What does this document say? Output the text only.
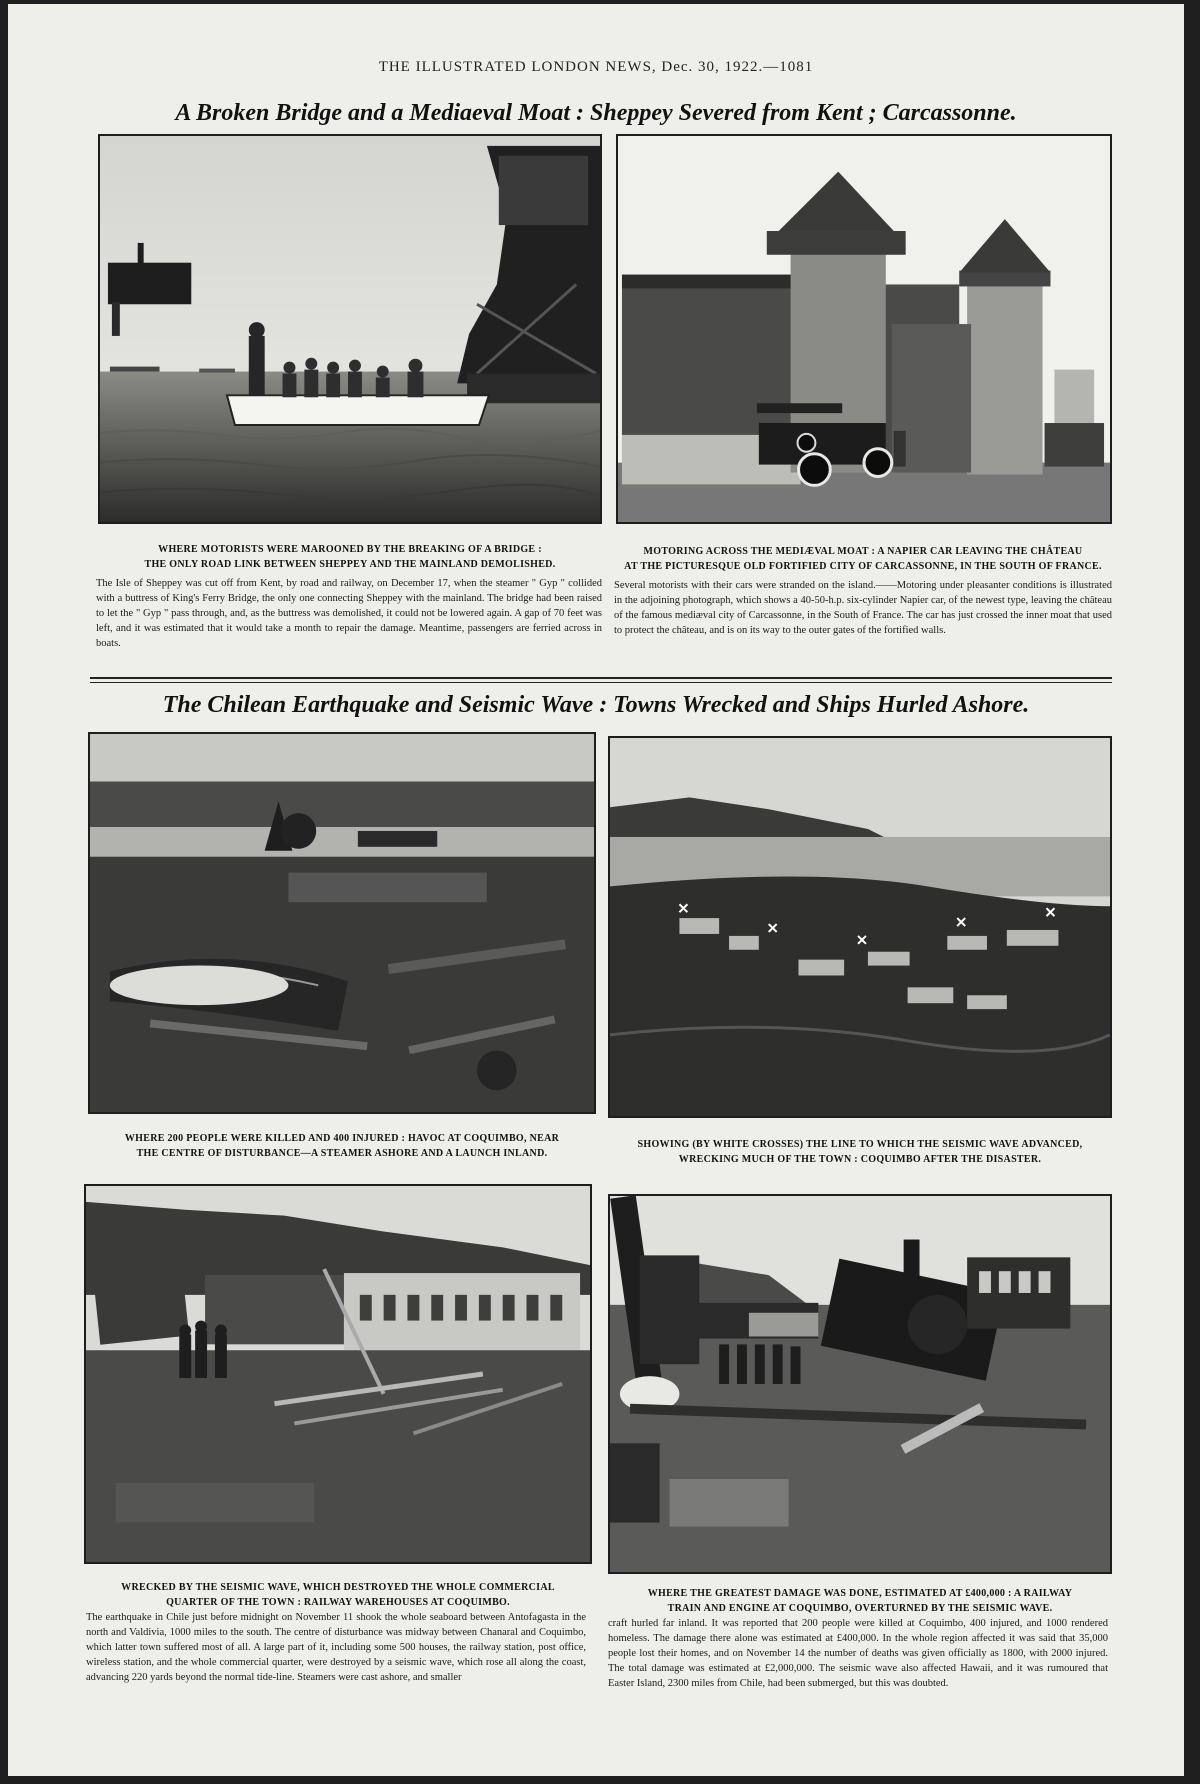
THE ILLUSTRATED LONDON NEWS, Dec. 30, 1922.—1081
A Broken Bridge and a Mediaeval Moat : Sheppey Severed from Kent ; Carcassonne.
WHERE MOTORISTS WERE MAROONED BY THE BREAKING OF A BRIDGE :
THE ONLY ROAD LINK BETWEEN SHEPPEY AND THE MAINLAND DEMOLISHED.

The Isle of Sheppey was cut off from Kent, by road and railway, on December 17, when the steamer " Gyp " collided with a buttress of King's Ferry Bridge, the only one connecting Sheppey with the mainland. The bridge had been raised to let the " Gyp " pass through, and, as the buttress was demolished, it could not be lowered again. A gap of 70 feet was left, and it was estimated that it would take a month to repair the damage. Meantime, passengers are ferried across in boats.

MOTORING ACROSS THE MEDIÆVAL MOAT : A NAPIER CAR LEAVING THE CHÂTEAU
AT THE PICTURESQUE OLD FORTIFIED CITY OF CARCASSONNE, IN THE SOUTH OF FRANCE.

Several motorists with their cars were stranded on the island.——Motoring under pleasanter conditions is illustrated in the adjoining photograph, which shows a 40-50-h.p. six-cylinder Napier car, of the newest type, leaving the château of the famous mediæval city of Carcassonne, in the South of France. The car has just crossed the inner moat that used to protect the château, and is on its way to the outer gates of the fortified walls.

The Chilean Earthquake and Seismic Wave : Towns Wrecked and Ships Hurled Ashore.
WHERE 200 PEOPLE WERE KILLED AND 400 INJURED : HAVOC AT COQUIMBO, NEAR
THE CENTRE OF DISTURBANCE—A STEAMER ASHORE AND A LAUNCH INLAND.
SHOWING (BY WHITE CROSSES) THE LINE TO WHICH THE SEISMIC WAVE ADVANCED,
WRECKING MUCH OF THE TOWN : COQUIMBO AFTER THE DISASTER.
WRECKED BY THE SEISMIC WAVE, WHICH DESTROYED THE WHOLE COMMERCIAL
QUARTER OF THE TOWN : RAILWAY WAREHOUSES AT COQUIMBO.

The earthquake in Chile just before midnight on November 11 shook the whole seaboard between Antofagasta in the north and Valdivia, 1000 miles to the south. The centre of disturbance was midway between Chanaral and Coquimbo, which latter town suffered most of all. A large part of it, including some 500 houses, the railway station, post office, wireless station, and the whole commercial quarter, were destroyed by a seismic wave, which rose all along the coast, advancing 220 yards beyond the normal tide-line. Steamers were cast ashore, and smaller

WHERE THE GREATEST DAMAGE WAS DONE, ESTIMATED AT £400,000 : A RAILWAY
TRAIN AND ENGINE AT COQUIMBO, OVERTURNED BY THE SEISMIC WAVE.

craft hurled far inland. It was reported that 200 people were killed at Coquimbo, 400 injured, and 1000 rendered homeless. The damage there alone was estimated at £400,000. In the whole region affected it was said that 35,000 people lost their homes, and on November 14 the number of deaths was given officially as 1800, with 2000 injured. The total damage was estimated at £2,000,000. The seismic wave also affected Hawaii, and it was rumoured that Easter Island, 2300 miles from Chile, had been submerged, but this was doubted.
